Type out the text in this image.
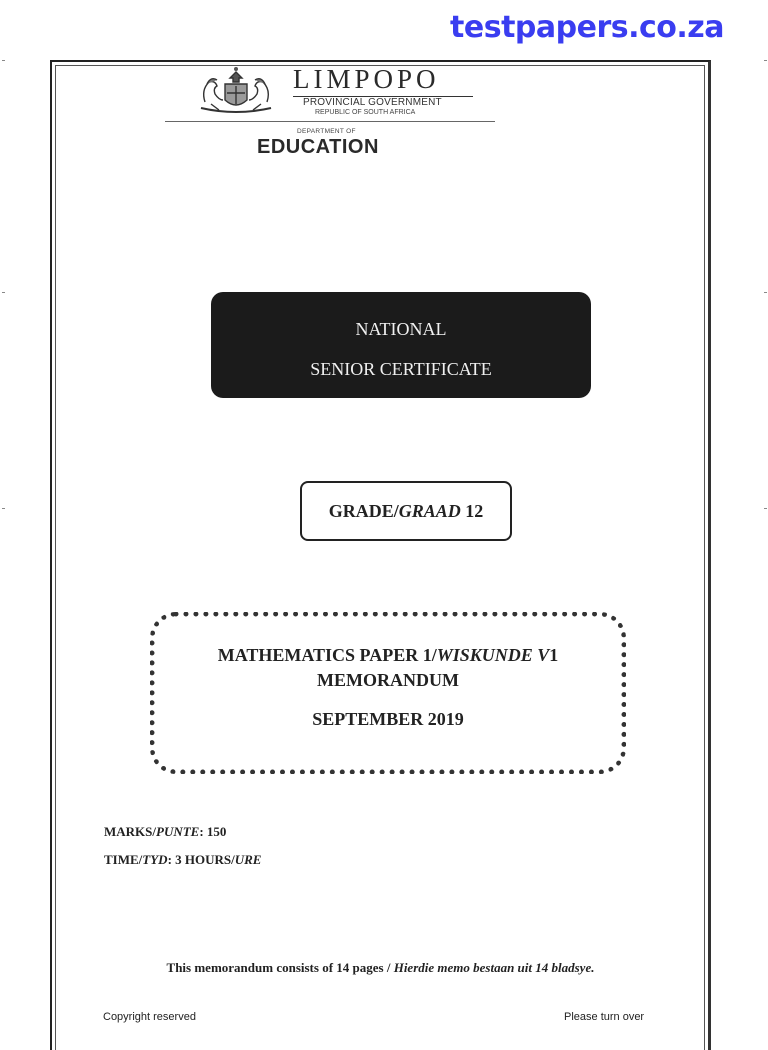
testpapers.co.za
LIMPOPO
PROVINCIAL GOVERNMENT
REPUBLIC OF SOUTH AFRICA
DEPARTMENT OF
EDUCATION
NATIONAL
SENIOR CERTIFICATE
GRADE/GRAAD 12
MATHEMATICS PAPER 1/WISKUNDE V1
MEMORANDUM
SEPTEMBER 2019
MARKS/PUNTE: 150
TIME/TYD: 3 HOURS/URE
This memorandum consists of 14 pages / Hierdie memo bestaan uit 14 bladsye.
Copyright reserved	Please turn over
